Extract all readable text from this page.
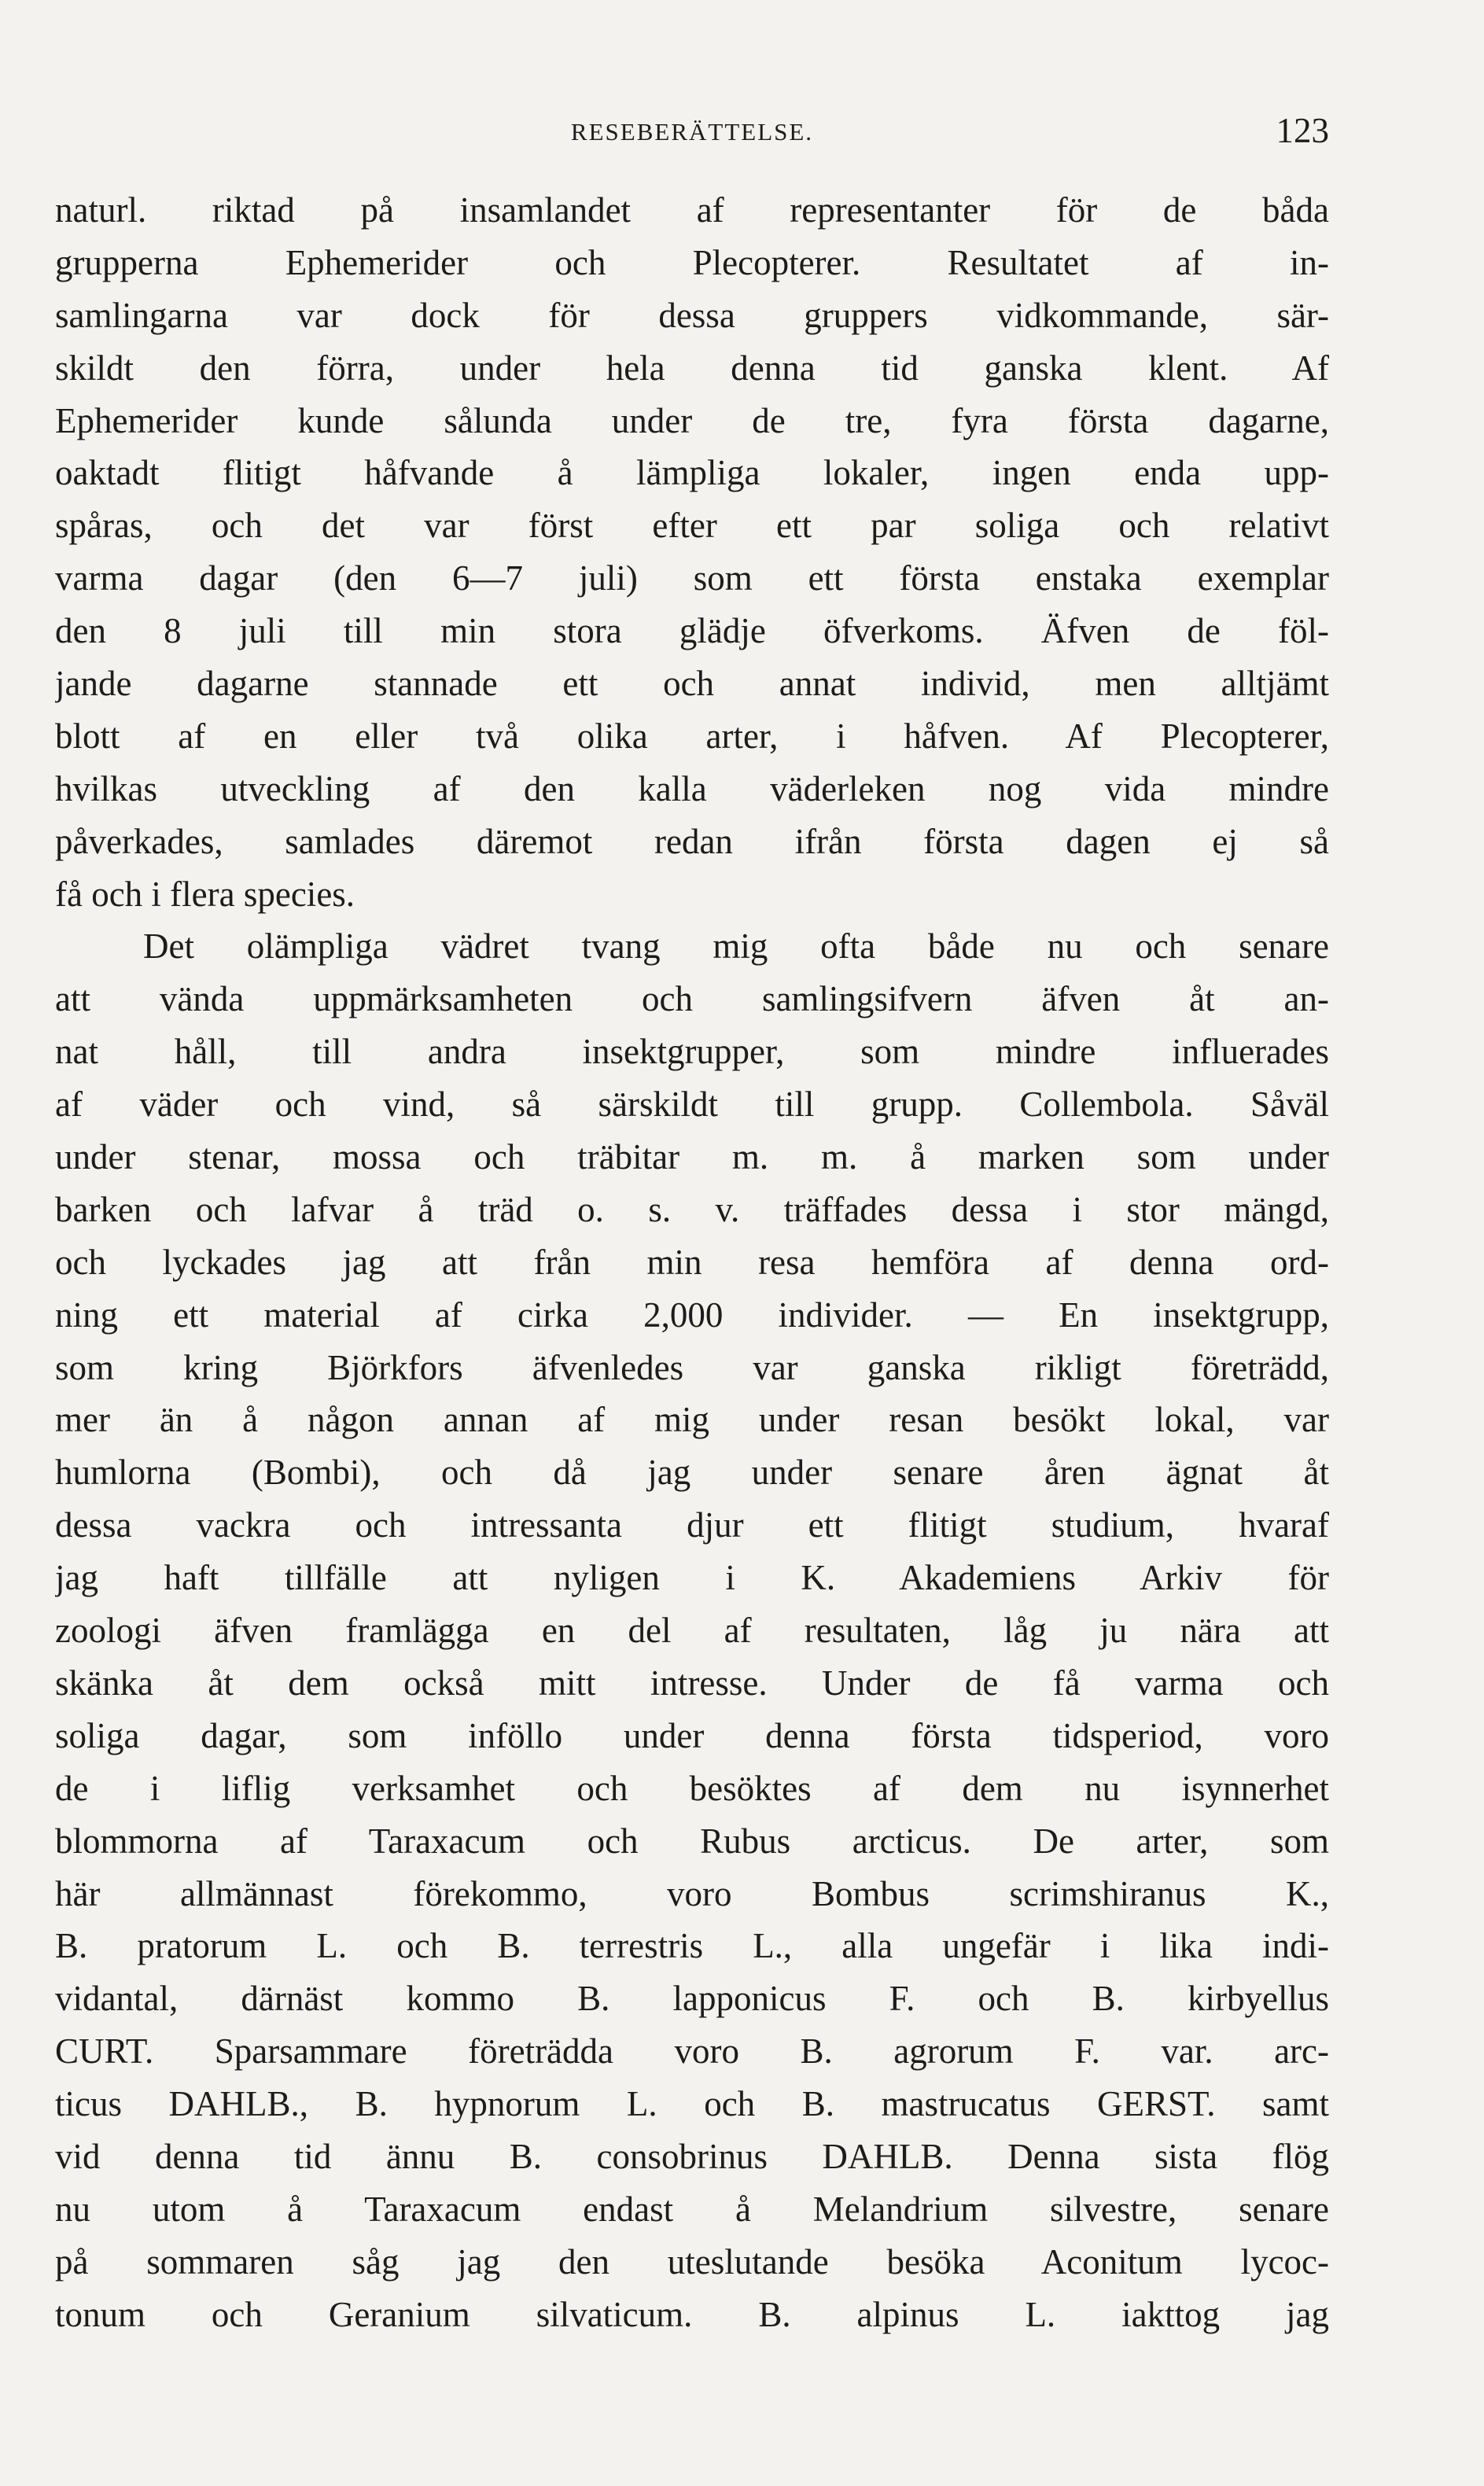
RESEBERÄTTELSE.	123
naturl. riktad på insamlandet af representanter för de båda
grupperna Ephemerider och Plecopterer. Resultatet af in-
samlingarna var dock för dessa gruppers vidkommande, sär-
skildt den förra, under hela denna tid ganska klent. Af
Ephemerider kunde sålunda under de tre, fyra första dagarne,
oaktadt flitigt håfvande å lämpliga lokaler, ingen enda upp-
spåras, och det var först efter ett par soliga och relativt
varma dagar (den 6—7 juli) som ett första enstaka exemplar
den 8 juli till min stora glädje öfverkoms. Äfven de föl-
jande dagarne stannade ett och annat individ, men alltjämt
blott af en eller två olika arter, i håfven. Af Plecopterer,
hvilkas utveckling af den kalla väderleken nog vida mindre
påverkades, samlades däremot redan ifrån första dagen ej så
få och i flera species.
Det olämpliga vädret tvang mig ofta både nu och senare
att vända uppmärksamheten och samlingsifvern äfven åt an-
nat håll, till andra insektgrupper, som mindre influerades
af väder och vind, så särskildt till grupp. Collembola. Såväl
under stenar, mossa och träbitar m. m. å marken som under
barken och lafvar å träd o. s. v. träffades dessa i stor mängd,
och lyckades jag att från min resa hemföra af denna ord-
ning ett material af cirka 2,000 individer. — En insektgrupp,
som kring Björkfors äfvenledes var ganska rikligt företrädd,
mer än å någon annan af mig under resan besökt lokal, var
humlorna (Bombi), och då jag under senare åren ägnat åt
dessa vackra och intressanta djur ett flitigt studium, hvaraf
jag haft tillfälle att nyligen i K. Akademiens Arkiv för
zoologi äfven framlägga en del af resultaten, låg ju nära att
skänka åt dem också mitt intresse. Under de få varma och
soliga dagar, som inföllo under denna första tidsperiod, voro
de i liflig verksamhet och besöktes af dem nu isynnerhet
blommorna af Taraxacum och Rubus arcticus. De arter, som
här allmännast förekommo, voro Bombus scrimshiranus K.,
B. pratorum L. och B. terrestris L., alla ungefär i lika indi-
vidantal, därnäst kommo B. lapponicus F. och B. kirbyellus
CURT. Sparsammare företrädda voro B. agrorum F. var. arc-
ticus DAHLB., B. hypnorum L. och B. mastrucatus GERST. samt
vid denna tid ännu B. consobrinus DAHLB. Denna sista flög
nu utom å Taraxacum endast å Melandrium silvestre, senare
på sommaren såg jag den uteslutande besöka Aconitum lycoc-
tonum och Geranium silvaticum. B. alpinus L. iakttog jag
